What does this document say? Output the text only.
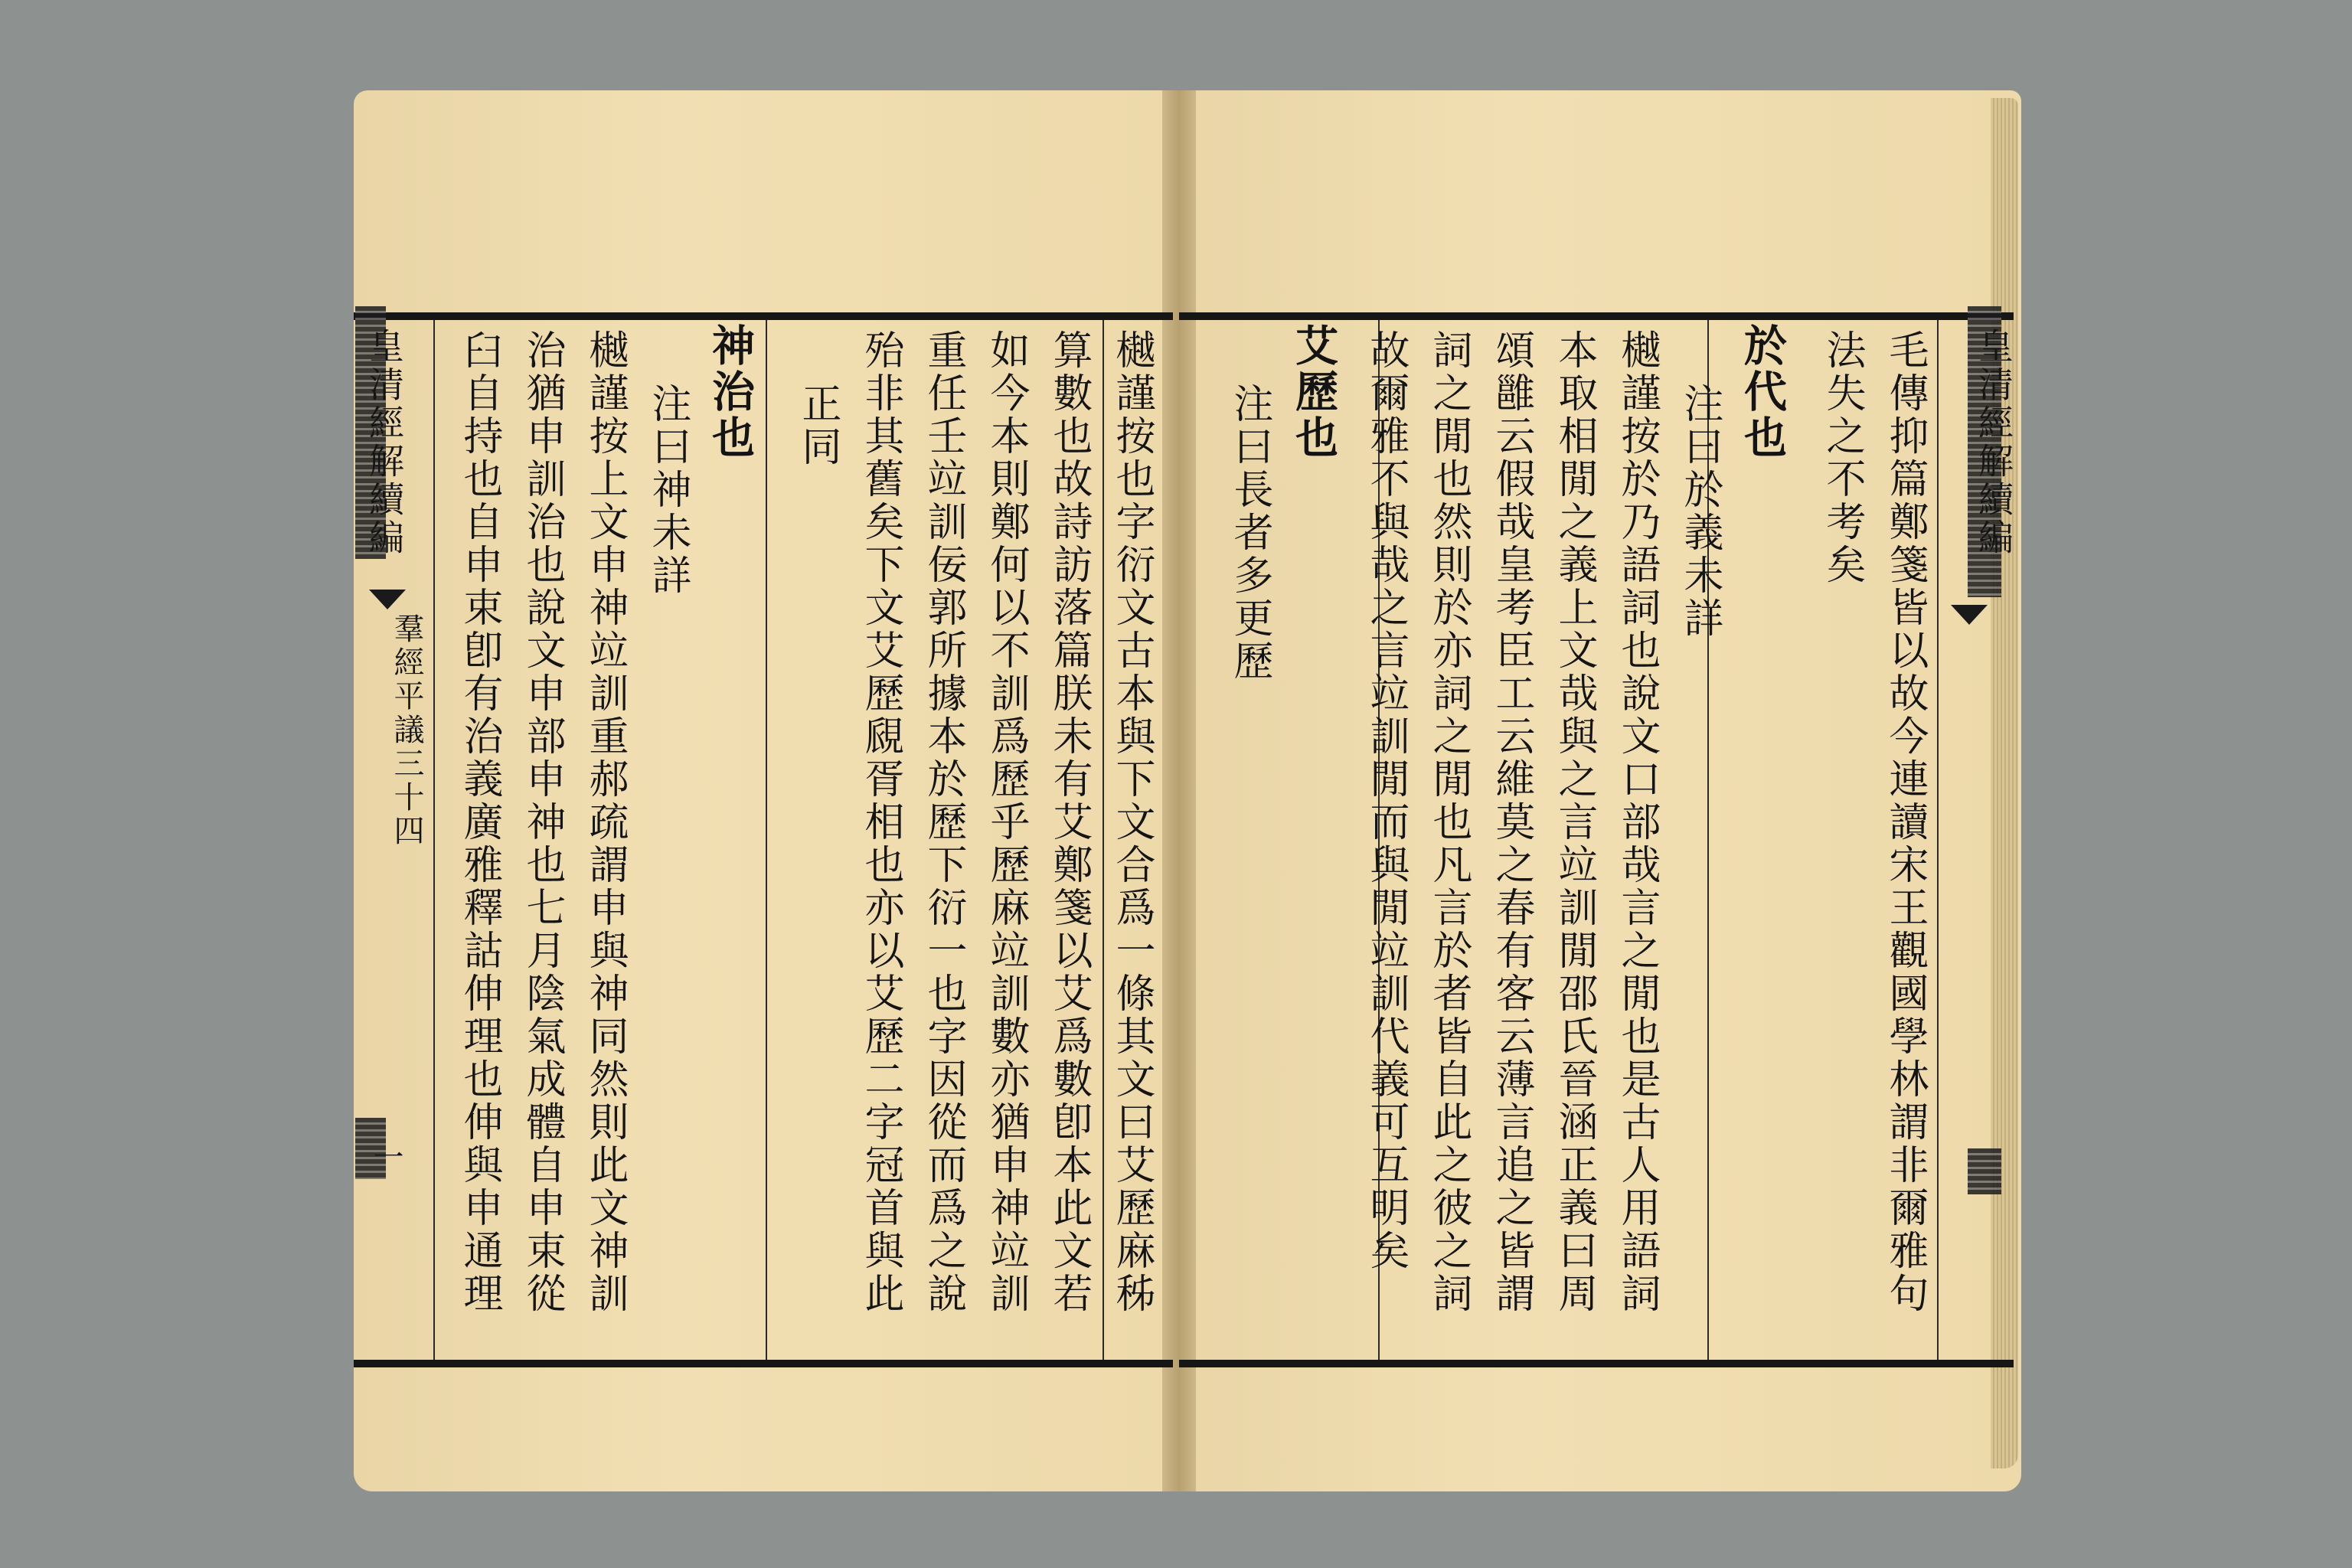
皇清經解續編
羣經平議三十四
一	樾謹按也字衍文古本與下文合爲一條其文曰艾歷麻秭
算數也故詩訪落篇朕未有艾鄭箋以艾爲數卽本此文若
如今本則鄭何以不訓爲歷乎歷麻竝訓數亦猶申神竝訓
重任壬竝訓佞郭所據本於歷下衍一也字因從而爲之說
殆非其舊矣下文艾歷覛胥相也亦以艾歷二字冠首與此
正同
神治也
注曰神未詳
樾謹按上文申神竝訓重郝疏謂申與神同然則此文神訓
治猶申訓治也說文申部申神也七月陰氣成體自申束從
臼自持也自申束卽有治義廣雅釋詁伸理也伸與申通理	皇清經解續編
毛傳抑篇鄭箋皆以故今連讀宋王觀國學林謂非爾雅句
法失之不考矣
於代也
注曰於義未詳
樾謹按於乃語詞也說文口部哉言之閒也是古人用語詞
本取相閒之義上文哉與之言竝訓閒邵氏晉涵正義曰周
頌雝云假哉皇考臣工云維莫之春有客云薄言追之皆謂
詞之閒也然則於亦詞之閒也凡言於者皆自此之彼之詞
故爾雅不與哉之言竝訓閒而與閒竝訓代義可互明矣
艾歷也
注曰長者多更歷
